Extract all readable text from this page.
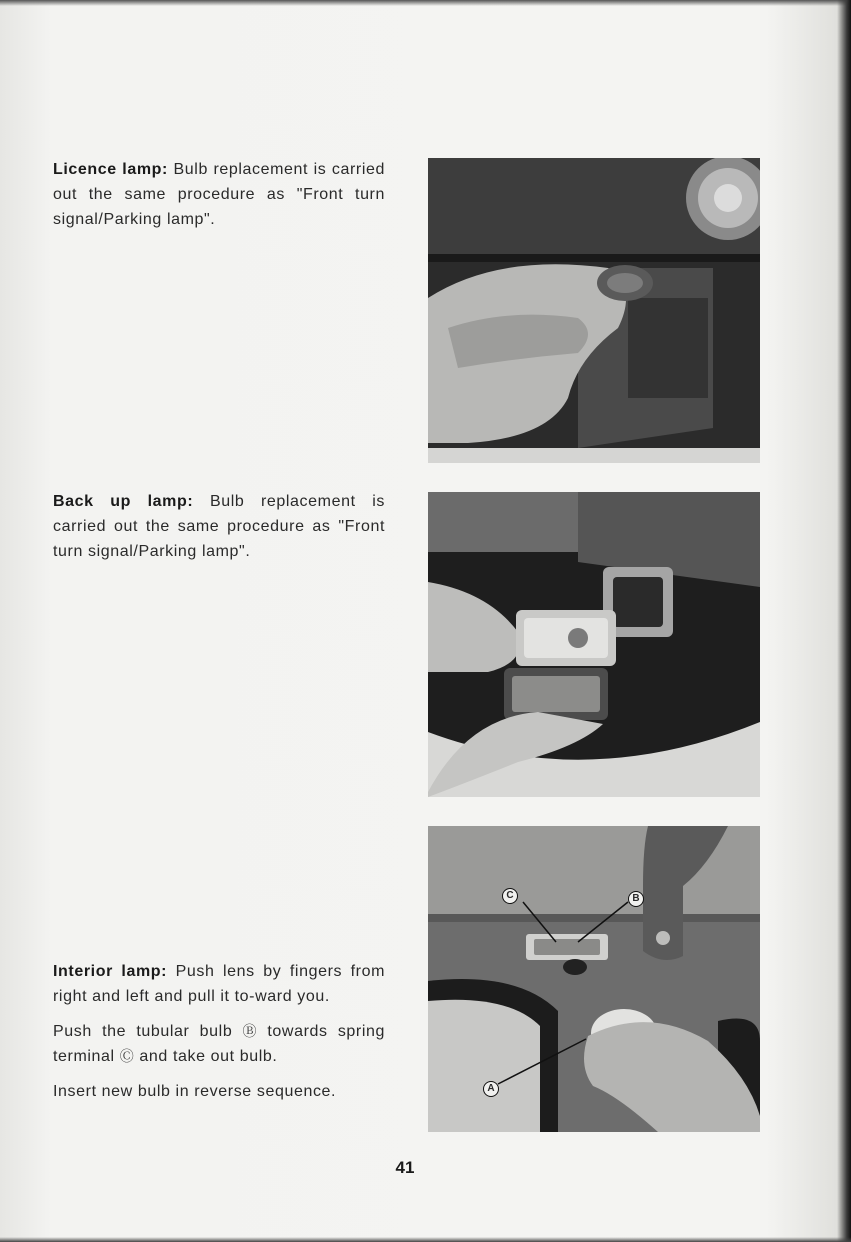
Licence lamp: Bulb replacement is carried out the same procedure as "Front turn signal/Parking lamp".

Back up lamp: Bulb replacement is carried out the same procedure as "Front turn signal/Parking lamp".

Interior lamp: Push lens by fingers from right and left and pull it to-ward you.

Push the tubular bulb Ⓑ towards spring terminal Ⓒ and take out bulb.

Insert new bulb in reverse sequence.

C	B
A
41
